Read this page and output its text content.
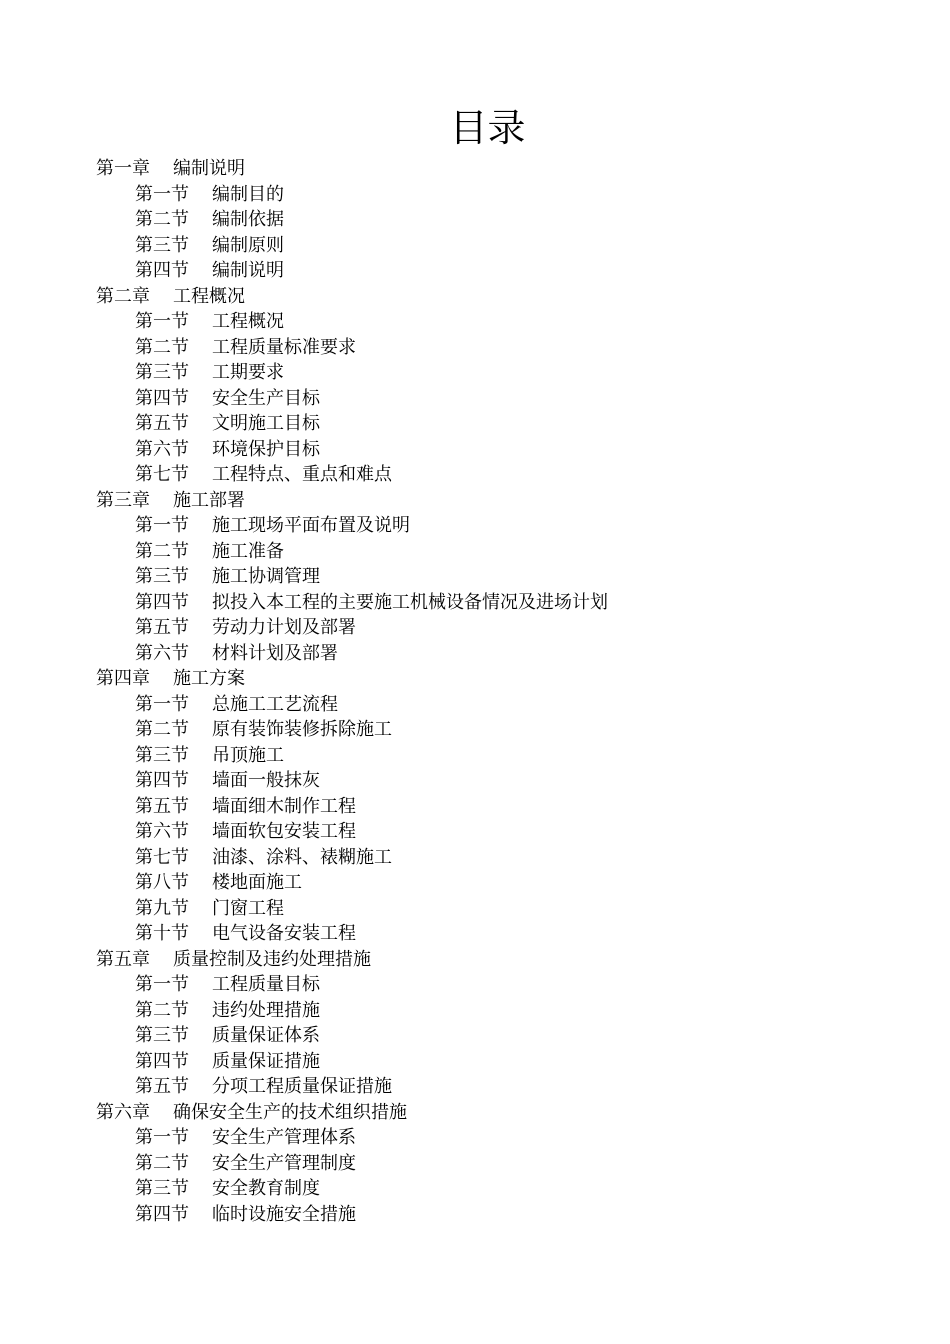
目录
第一章 编制说明
第一节 编制目的
第二节 编制依据
第三节 编制原则
第四节 编制说明
第二章 工程概况
第一节 工程概况
第二节 工程质量标准要求
第三节 工期要求
第四节 安全生产目标
第五节 文明施工目标
第六节 环境保护目标
第七节 工程特点、重点和难点
第三章 施工部署
第一节 施工现场平面布置及说明
第二节 施工准备
第三节 施工协调管理
第四节 拟投入本工程的主要施工机械设备情况及进场计划
第五节 劳动力计划及部署
第六节 材料计划及部署
第四章 施工方案
第一节 总施工工艺流程
第二节 原有装饰装修拆除施工
第三节 吊顶施工
第四节 墙面一般抹灰
第五节 墙面细木制作工程
第六节 墙面软包安装工程
第七节 油漆、涂料、裱糊施工
第八节 楼地面施工
第九节 门窗工程
第十节 电气设备安装工程
第五章 质量控制及违约处理措施
第一节 工程质量目标
第二节 违约处理措施
第三节 质量保证体系
第四节 质量保证措施
第五节 分项工程质量保证措施
第六章 确保安全生产的技术组织措施
第一节 安全生产管理体系
第二节 安全生产管理制度
第三节 安全教育制度
第四节 临时设施安全措施
